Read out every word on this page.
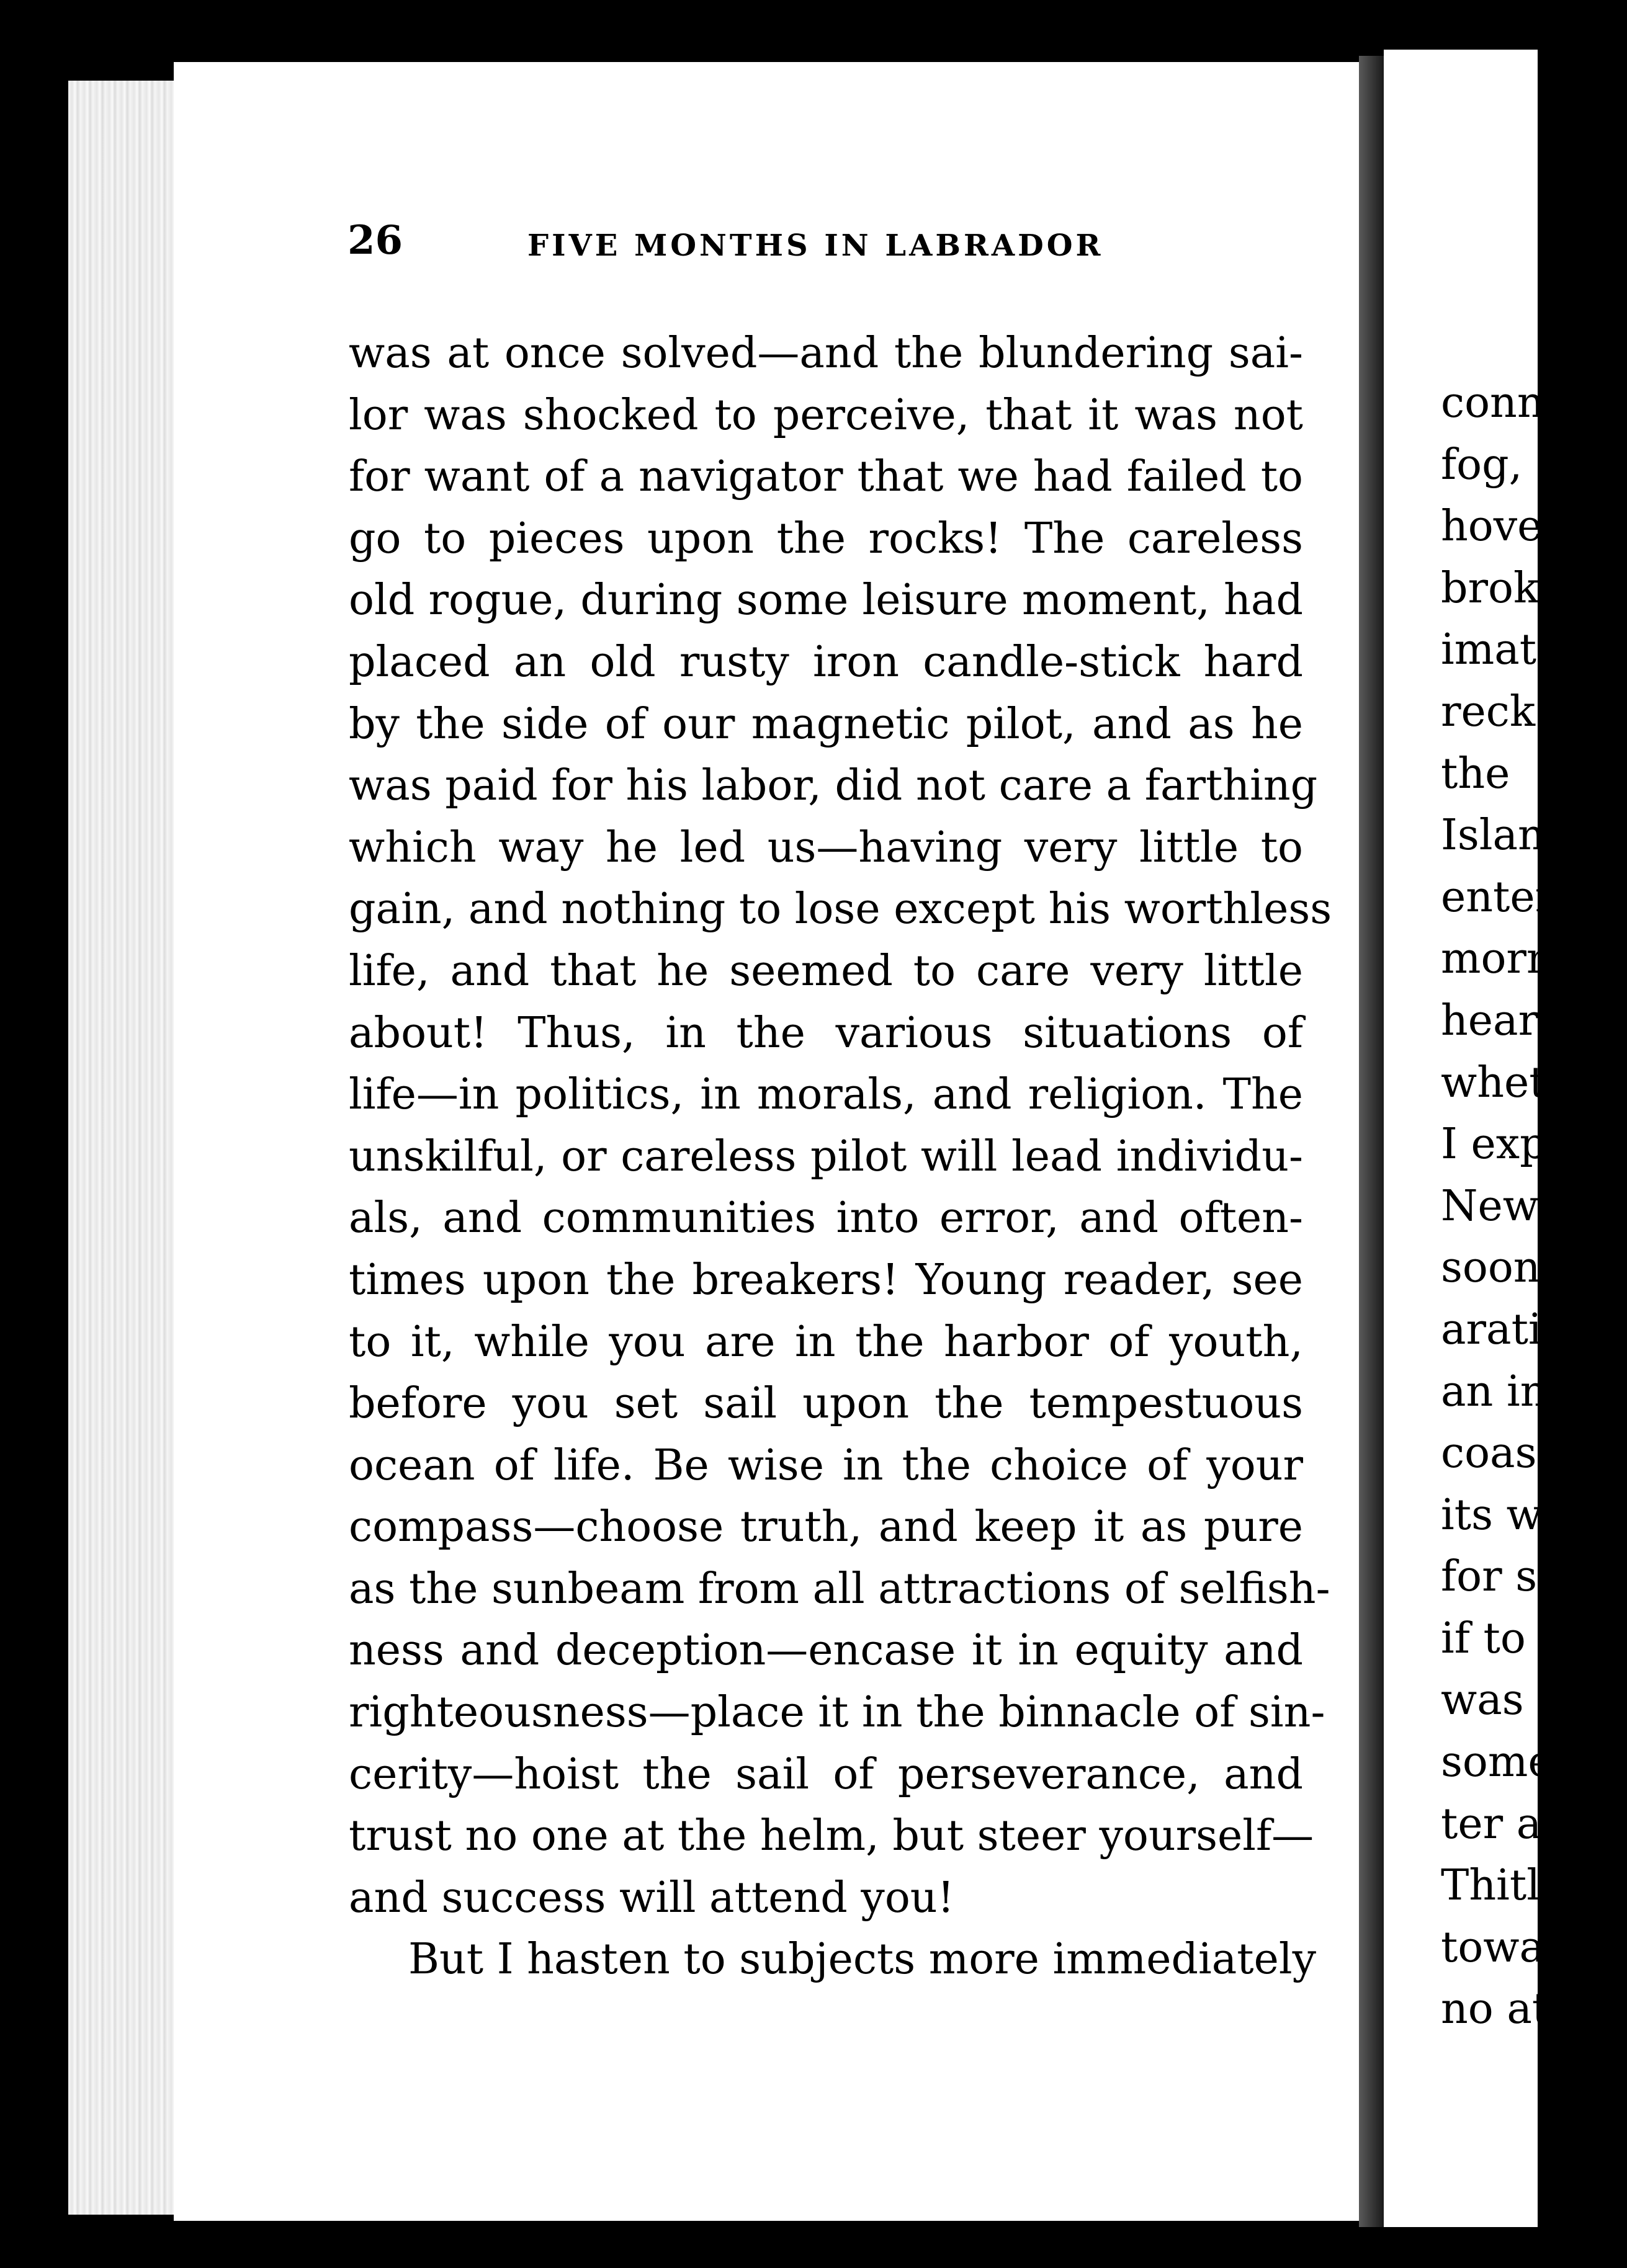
conn
fog,
hove
brok
imati
reck
the
Islan
enter
morn
heard
whet
I exp
New
soon
aratin
an in
coast
its w
for s
if to
was t
some
ter a
Thitl
towa
no at
26	FIVE MONTHS IN LABRADOR
was at once solved—and the blundering sai-
lor was shocked to perceive, that it was not
for want of a navigator that we had failed to
go to pieces upon the rocks! The careless
old rogue, during some leisure moment, had
placed an old rusty iron candle-stick hard
by the side of our magnetic pilot, and as he
was paid for his labor, did not care a farthing
which way he led us—having very little to
gain, and nothing to lose except his worthless
life, and that he seemed to care very little
about! Thus, in the various situations of
life—in politics, in morals, and religion. The
unskilful, or careless pilot will lead individu-
als, and communities into error, and often-
times upon the breakers! Young reader, see
to it, while you are in the harbor of youth,
before you set sail upon the tempestuous
ocean of life. Be wise in the choice of your
compass—choose truth, and keep it as pure
as the sunbeam from all attractions of selfish-
ness and deception—encase it in equity and
righteousness—place it in the binnacle of sin-
cerity—hoist the sail of perseverance, and
trust no one at the helm, but steer yourself—
and success will attend you!
But I hasten to subjects more immediately
